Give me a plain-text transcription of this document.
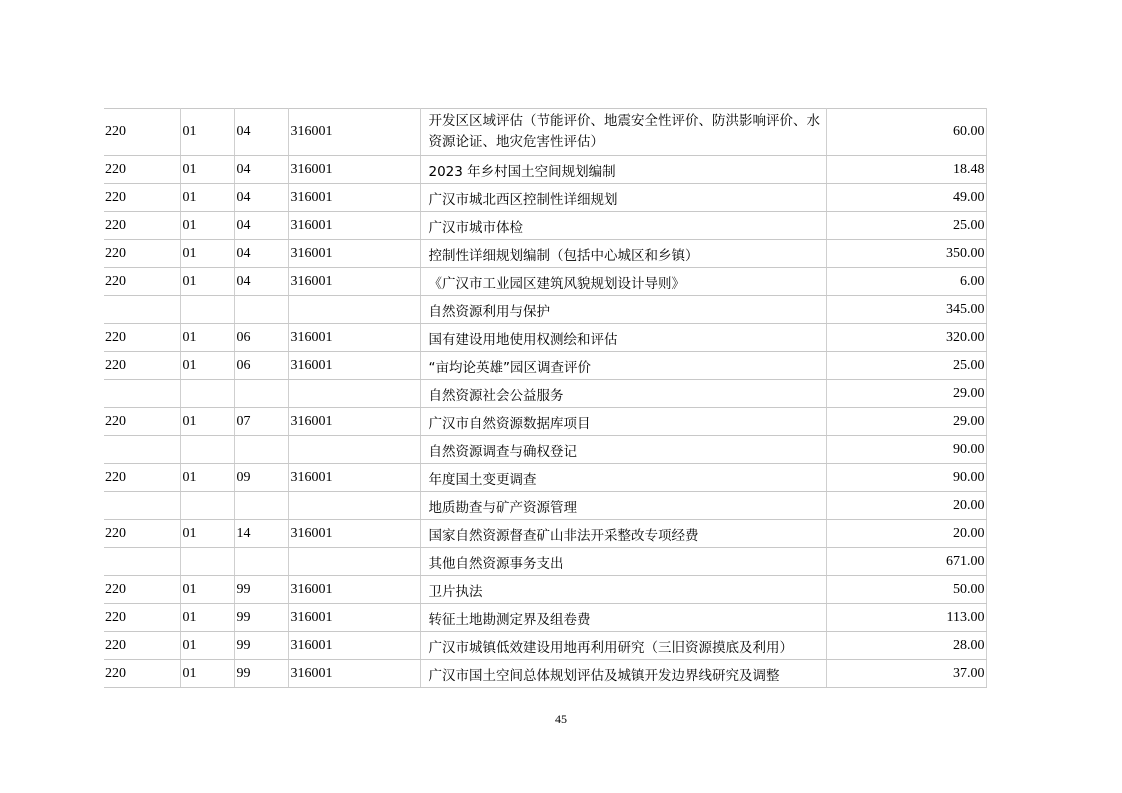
220	01	04	316001	开发区区域评估（节能评价、地震安全性评价、防洪影响评价、水资源论证、地灾危害性评估）	60.00
220	01	04	316001	2023 年乡村国土空间规划编制	18.48
220	01	04	316001	广汉市城北西区控制性详细规划	49.00
220	01	04	316001	广汉市城市体检	25.00
220	01	04	316001	控制性详细规划编制（包括中心城区和乡镇）	350.00
220	01	04	316001	《广汉市工业园区建筑风貌规划设计导则》	6.00
				自然资源利用与保护	345.00
220	01	06	316001	国有建设用地使用权测绘和评估	320.00
220	01	06	316001	“亩均论英雄”园区调查评价	25.00
				自然资源社会公益服务	29.00
220	01	07	316001	广汉市自然资源数据库项目	29.00
				自然资源调查与确权登记	90.00
220	01	09	316001	年度国土变更调查	90.00
				地质勘查与矿产资源管理	20.00
220	01	14	316001	国家自然资源督查矿山非法开采整改专项经费	20.00
				其他自然资源事务支出	671.00
220	01	99	316001	卫片执法	50.00
220	01	99	316001	转征土地勘测定界及组卷费	113.00
220	01	99	316001	广汉市城镇低效建设用地再利用研究（三旧资源摸底及利用）	28.00
220	01	99	316001	广汉市国土空间总体规划评估及城镇开发边界线研究及调整	37.00
45
